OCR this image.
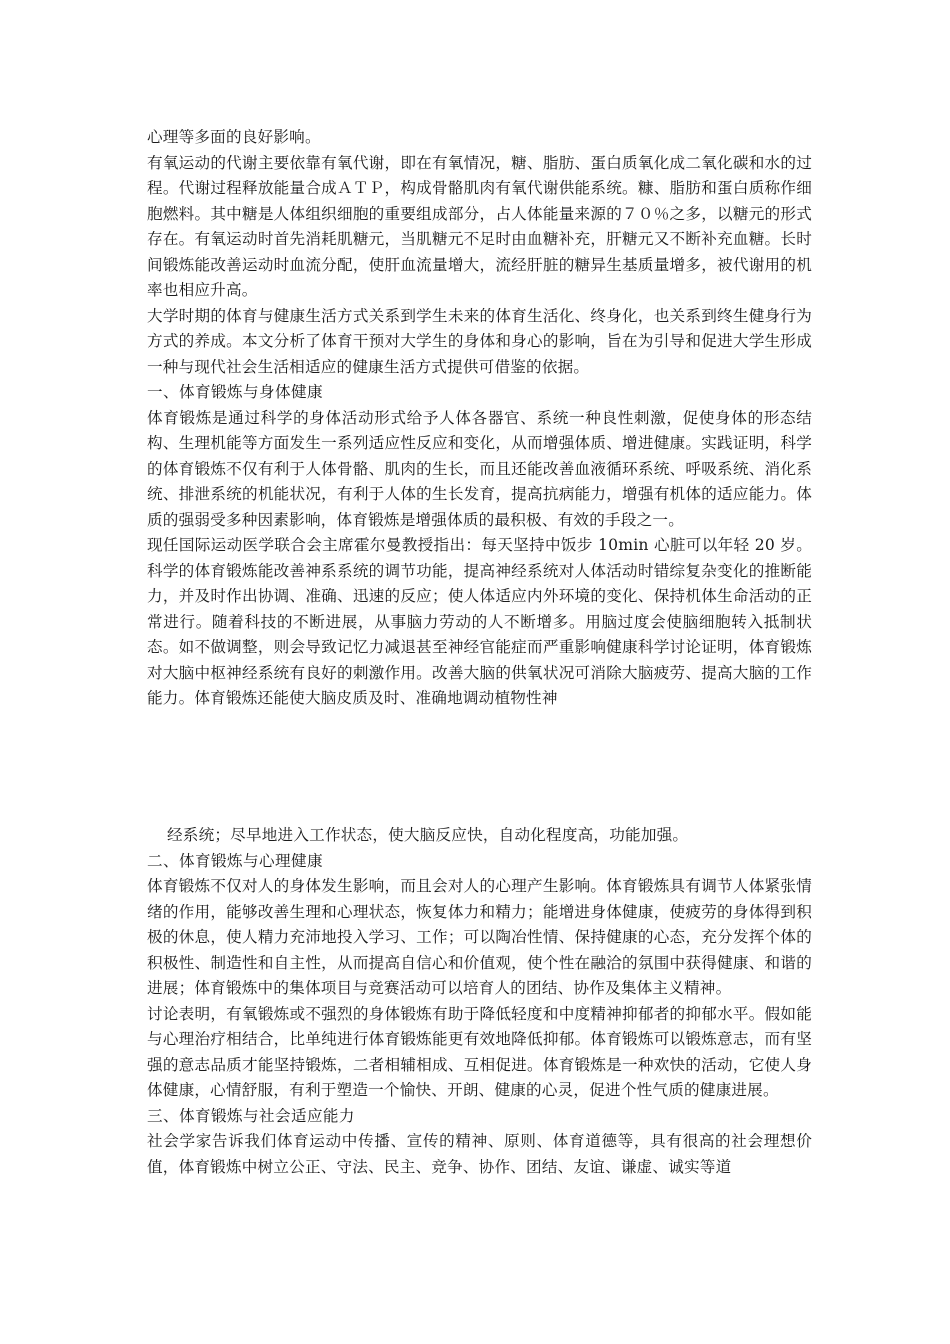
心理等多面的良好影响。

有氧运动的代谢主要依靠有氧代谢，即在有氧情况，糖、脂肪、蛋白质氧化成二氧化碳和水的过程。代谢过程释放能量合成ＡＴＰ，构成骨骼肌肉有氧代谢供能系统。糠、脂肪和蛋白质称作细胞燃料。其中糖是人体组织细胞的重要组成部分，占人体能量来源的７０％之多，以糖元的形式存在。有氧运动时首先消耗肌糖元，当肌糖元不足时由血糖补充，肝糖元又不断补充血糖。长时间锻炼能改善运动时血流分配，使肝血流量增大，流经肝脏的糖异生基质量增多，被代谢用的机率也相应升高。

大学时期的体育与健康生活方式关系到学生未来的体育生活化、终身化，也关系到终生健身行为方式的养成。本文分析了体育干预对大学生的身体和身心的影响，旨在为引导和促进大学生形成一种与现代社会生活相适应的健康生活方式提供可借鉴的依据。

一、体育锻炼与身体健康

体育锻炼是通过科学的身体活动形式给予人体各器官、系统一种良性刺激，促使身体的形态结构、生理机能等方面发生一系列适应性反应和变化，从而增强体质、增进健康。实践证明，科学的体育锻炼不仅有利于人体骨骼、肌肉的生长，而且还能改善血液循环系统、呼吸系统、消化系统、排泄系统的机能状况，有利于人体的生长发育，提高抗病能力，增强有机体的适应能力。体质的强弱受多种因素影响，体育锻炼是增强体质的最积极、有效的手段之一。

现任国际运动医学联合会主席霍尔曼教授指出：每天坚持中饭步 10min 心脏可以年轻 20 岁。科学的体育锻炼能改善神系系统的调节功能，提高神经系统对人体活动时错综复杂变化的推断能力，并及时作出协调、准确、迅速的反应；使人体适应内外环境的变化、保持机体生命活动的正常进行。随着科技的不断进展，从事脑力劳动的人不断增多。用脑过度会使脑细胞转入抵制状态。如不做调整，则会导致记忆力减退甚至神经官能症而严重影响健康科学讨论证明，体育锻炼对大脑中枢神经系统有良好的刺激作用。改善大脑的供氧状况可消除大脑疲劳、提高大脑的工作能力。体育锻炼还能使大脑皮质及时、准确地调动植物性神

经系统；尽早地进入工作状态，使大脑反应快，自动化程度高，功能加强。

二、体育锻炼与心理健康

体育锻炼不仅对人的身体发生影响，而且会对人的心理产生影响。体育锻炼具有调节人体紧张情绪的作用，能够改善生理和心理状态，恢复体力和精力；能增进身体健康，使疲劳的身体得到积极的休息，使人精力充沛地投入学习、工作；可以陶冶性情、保持健康的心态，充分发挥个体的积极性、制造性和自主性，从而提高自信心和价值观，使个性在融洽的氛围中获得健康、和谐的进展；体育锻炼中的集体项目与竞赛活动可以培育人的团结、协作及集体主义精神。

讨论表明，有氧锻炼或不强烈的身体锻炼有助于降低轻度和中度精神抑郁者的抑郁水平。假如能与心理治疗相结合，比单纯进行体育锻炼能更有效地降低抑郁。体育锻炼可以锻炼意志，而有坚强的意志品质才能坚持锻炼，二者相辅相成、互相促进。体育锻炼是一种欢快的活动，它使人身体健康，心情舒服，有利于塑造一个愉快、开朗、健康的心灵，促进个性气质的健康进展。

三、体育锻炼与社会适应能力

社会学家告诉我们体育运动中传播、宣传的精神、原则、体育道德等，具有很高的社会理想价值，体育锻炼中树立公正、守法、民主、竞争、协作、团结、友谊、谦虚、诚实等道
